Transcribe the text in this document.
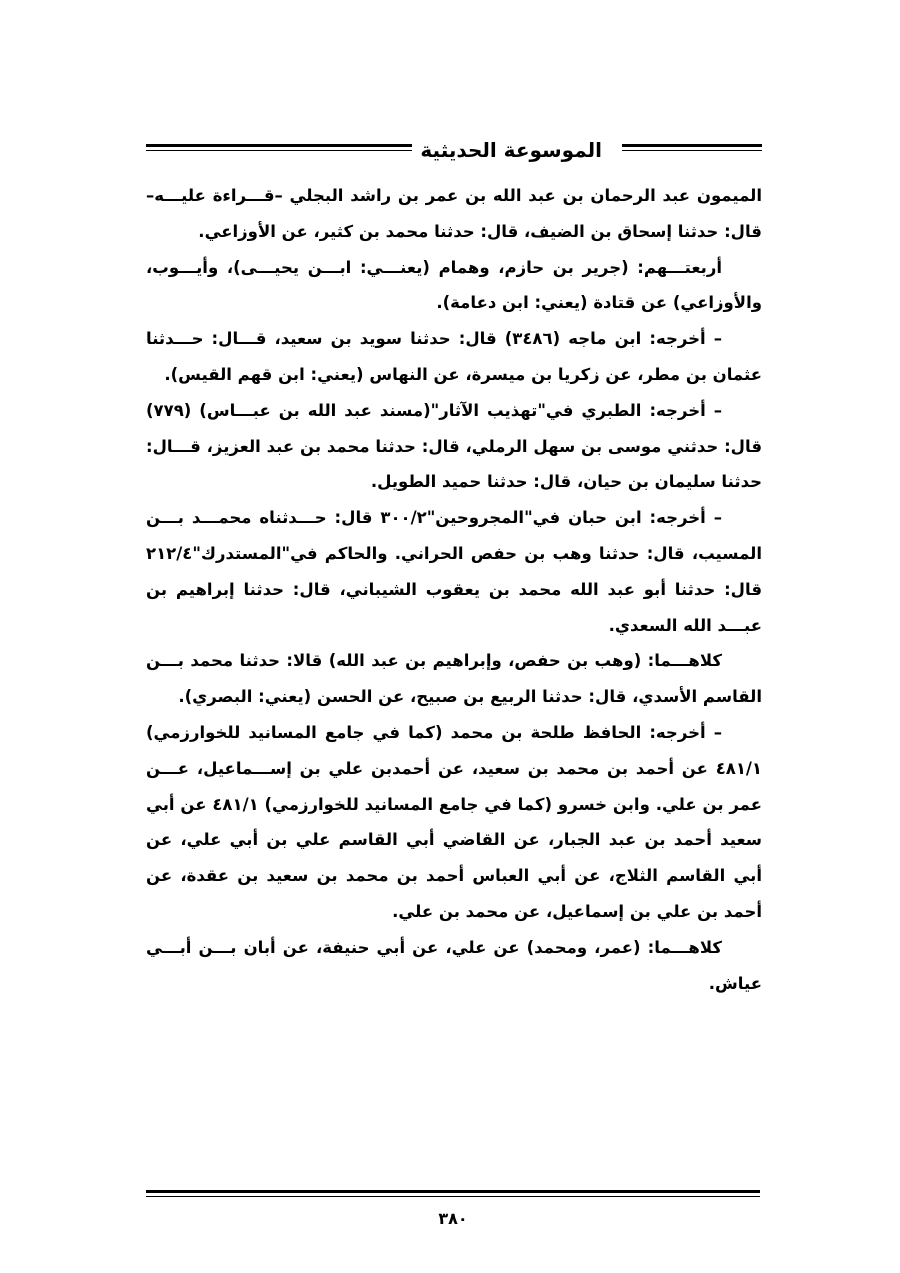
الموسوعة الحديثية

الميمون عبد الرحمان بن عبد الله بن عمر بن راشد البجلي –قـــراءة عليـــه– قال: حدثنا إسحاق بن الضيف، قال: حدثنا محمد بن كثير، عن الأوزاعي.

أربعتـــهم: (جرير بن حازم، وهمام (يعنـــي: ابـــن يحيـــى)، وأيـــوب، والأوزاعي) عن قتادة (يعني: ابن دعامة).

– أخرجه: ابن ماجه (٣٤٨٦) قال: حدثنا سويد بن سعيد، قـــال: حـــدثنا عثمان بن مطر، عن زكريا بن ميسرة، عن النهاس (يعني: ابن قهم القيس).

– أخرجه: الطبري في"تهذيب الآثار"(مسند عبد الله بن عبـــاس) (٧٧٩) قال: حدثني موسى بن سهل الرملي، قال: حدثنا محمد بن عبد العزيز، قـــال: حدثنا سليمان بن حيان، قال: حدثنا حميد الطويل.

– أخرجه: ابن حبان في"المجروحين"٣٠٠/٢ قال: حـــدثناه محمـــد بـــن المسيب، قال: حدثنا وهب بن حفص الحراني. والحاكم في"المستدرك"٢١٢/٤ قال: حدثنا أبو عبد الله محمد بن يعقوب الشيباني، قال: حدثنا إبراهيم بن عبـــد الله السعدي.

كلاهـــما: (وهب بن حفص، وإبراهيم بن عبد الله) قالا: حدثنا محمد بـــن القاسم الأسدي، قال: حدثنا الربيع بن صبيح، عن الحسن (يعني: البصري).

– أخرجه: الحافظ طلحة بن محمد (كما في جامع المسانيد للخوارزمي) ٤٨١/١ عن أحمد بن محمد بن سعيد، عن أحمدبن علي بن إســـماعيل، عـــن عمر بن علي. وابن خسرو (كما في جامع المسانيد للخوارزمي) ٤٨١/١ عن أبي سعيد أحمد بن عبد الجبار، عن القاضي أبي القاسم علي بن أبي علي، عن أبي القاسم الثلاج، عن أبي العباس أحمد بن محمد بن سعيد بن عقدة، عن أحمد بن علي بن إسماعيل، عن محمد بن علي.

كلاهـــما: (عمر، ومحمد) عن علي، عن أبي حنيفة، عن أبان بـــن أبـــي عياش.

٣٨٠
